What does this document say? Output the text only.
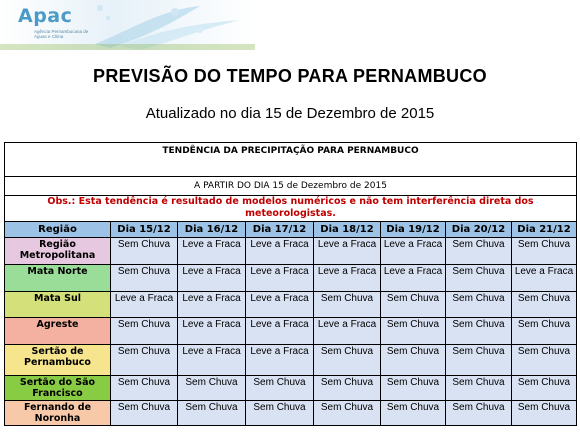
Apac
Agência Pernambucana de Águas e Clima
PREVISÃO DO TEMPO PARA PERNAMBUCO
Atualizado no dia 15 de Dezembro de 2015
TENDÊNCIA DA PRECIPITAÇÃO PARA PERNAMBUCO							
A PARTIR DO DIA 15 de Dezembro de 2015							
Obs.: Esta tendência é resultado de modelos numéricos e não tem interferência direta dos meteorologistas.							
Região	Dia 15/12	Dia 16/12	Dia 17/12	Dia 18/12	Dia 19/12	Dia 20/12	Dia 21/12
Região Metropolitana	Sem Chuva	Leve a Fraca	Leve a Fraca	Leve a Fraca	Leve a Fraca	Sem Chuva	Sem Chuva
Mata Norte	Sem Chuva	Leve a Fraca	Leve a Fraca	Leve a Fraca	Leve a Fraca	Sem Chuva	Leve a Fraca
Mata Sul	Leve a Fraca	Leve a Fraca	Leve a Fraca	Sem Chuva	Sem Chuva	Sem Chuva	Sem Chuva
Agreste	Sem Chuva	Leve a Fraca	Leve a Fraca	Leve a Fraca	Sem Chuva	Sem Chuva	Sem Chuva
Sertão de Pernambuco	Sem Chuva	Leve a Fraca	Leve a Fraca	Sem Chuva	Sem Chuva	Sem Chuva	Sem Chuva
Sertão do São Francisco	Sem Chuva	Sem Chuva	Sem Chuva	Sem Chuva	Sem Chuva	Sem Chuva	Sem Chuva
Fernando de Noronha	Sem Chuva	Sem Chuva	Sem Chuva	Sem Chuva	Sem Chuva	Sem Chuva	Sem Chuva
